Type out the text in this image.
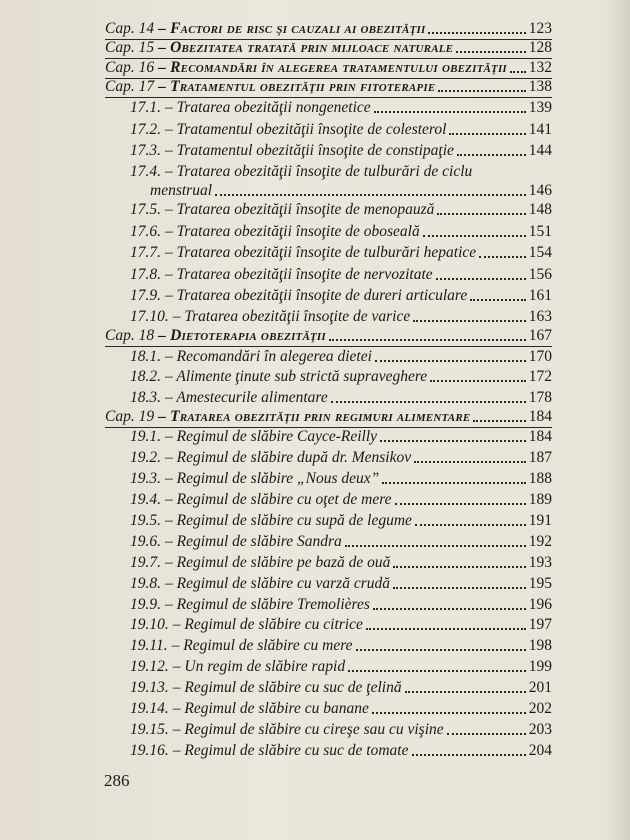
Cap. 14 – Factori de risc şi cauzali ai obezităţii	123
Cap. 15 – Obezitatea tratată prin mijloace naturale	128
Cap. 16 – Recomandări în alegerea tratamentului obezităţii 132
Cap. 17 – Tratamentul obezităţii prin fitoterapie	138
17.1. – Tratarea obezităţii nongenetice	139
17.2. – Tratamentul obezităţii însoţite de colesterol	141
17.3. – Tratamentul obezităţii însoţite de constipaţie	144
17.4. – Tratarea obezităţii însoţite de tulburări de ciclu
menstrual	146
17.5. – Tratarea obezităţii însoţite de menopauză	148
17.6. – Tratarea obezităţii însoţite de oboseală	151
17.7. – Tratarea obezităţii însoţite de tulburări hepatice	154
17.8. – Tratarea obezităţii însoţite de nervozitate	156
17.9. – Tratarea obezităţii însoţite de dureri articulare	161
17.10. – Tratarea obezităţii însoţite de varice	163
Cap. 18 – Dietoterapia obezităţii	167
18.1. – Recomandări în alegerea dietei	170
18.2. – Alimente ţinute sub strictă supraveghere	172
18.3. – Amestecurile alimentare	178
Cap. 19 – Tratarea obezităţii prin regimuri alimentare	184
19.1. – Regimul de slăbire Cayce-Reilly	184
19.2. – Regimul de slăbire după dr. Mensikov	187
19.3. – Regimul de slăbire „Nous deux”	188
19.4. – Regimul de slăbire cu oţet de mere	189
19.5. – Regimul de slăbire cu supă de legume	191
19.6. – Regimul de slăbire Sandra	192
19.7. – Regimul de slăbire pe bază de ouă	193
19.8. – Regimul de slăbire cu varză crudă	195
19.9. – Regimul de slăbire Tremolières	196
19.10. – Regimul de slăbire cu citrice	197
19.11. – Regimul de slăbire cu mere	198
19.12. – Un regim de slăbire rapid	199
19.13. – Regimul de slăbire cu suc de ţelină	201
19.14. – Regimul de slăbire cu banane	202
19.15. – Regimul de slăbire cu cireşe sau cu vişine	203
19.16. – Regimul de slăbire cu suc de tomate	204
286
